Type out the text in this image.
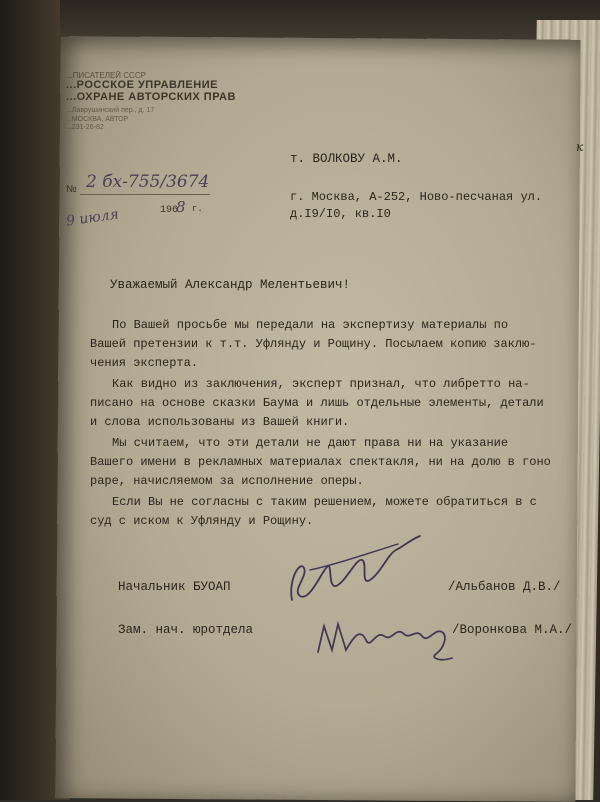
к
...ПИСАТЕЛЕЙ СССР
...РОССКОЕ УПРАВЛЕНИЕ
...ОХРАНЕ АВТОРСКИХ ПРАВ
...Лаврушинский пер., д. 17
...МОСКВА, АВТОР
...231-26-82
№ 2 бх-755/3674
9 июля	196
8 г.
т. ВОЛКОВУ А.М.
г. Москва, А-252, Ново-песчаная ул.
д.I9/I0, кв.I0
Уважаемый Александр Мелентьевич!
По Вашей просьбе мы передали на экспертизу материалы по
Вашей претензии к т.т. Уфлянду и Рощину. Посылаем копию заклю-
чения эксперта.
Как видно из заключения, эксперт признал, что либретто на-
писано на основе сказки Баума и лишь отдельные элементы, детали
и слова использованы из Вашей книги.
Мы считаем, что эти детали не дают права ни на указание
Вашего имени в рекламных материалах спектакля, ни на долю в гоно
раре, начисляемом за исполнение оперы.
Если Вы не согласны с таким решением, можете обратиться в с
суд с иском к Уфлянду и Рощину.
Начальник БУОАП	/Альбанов Д.В./
Зам. нач. юротдела	/Воронкова М.А./
